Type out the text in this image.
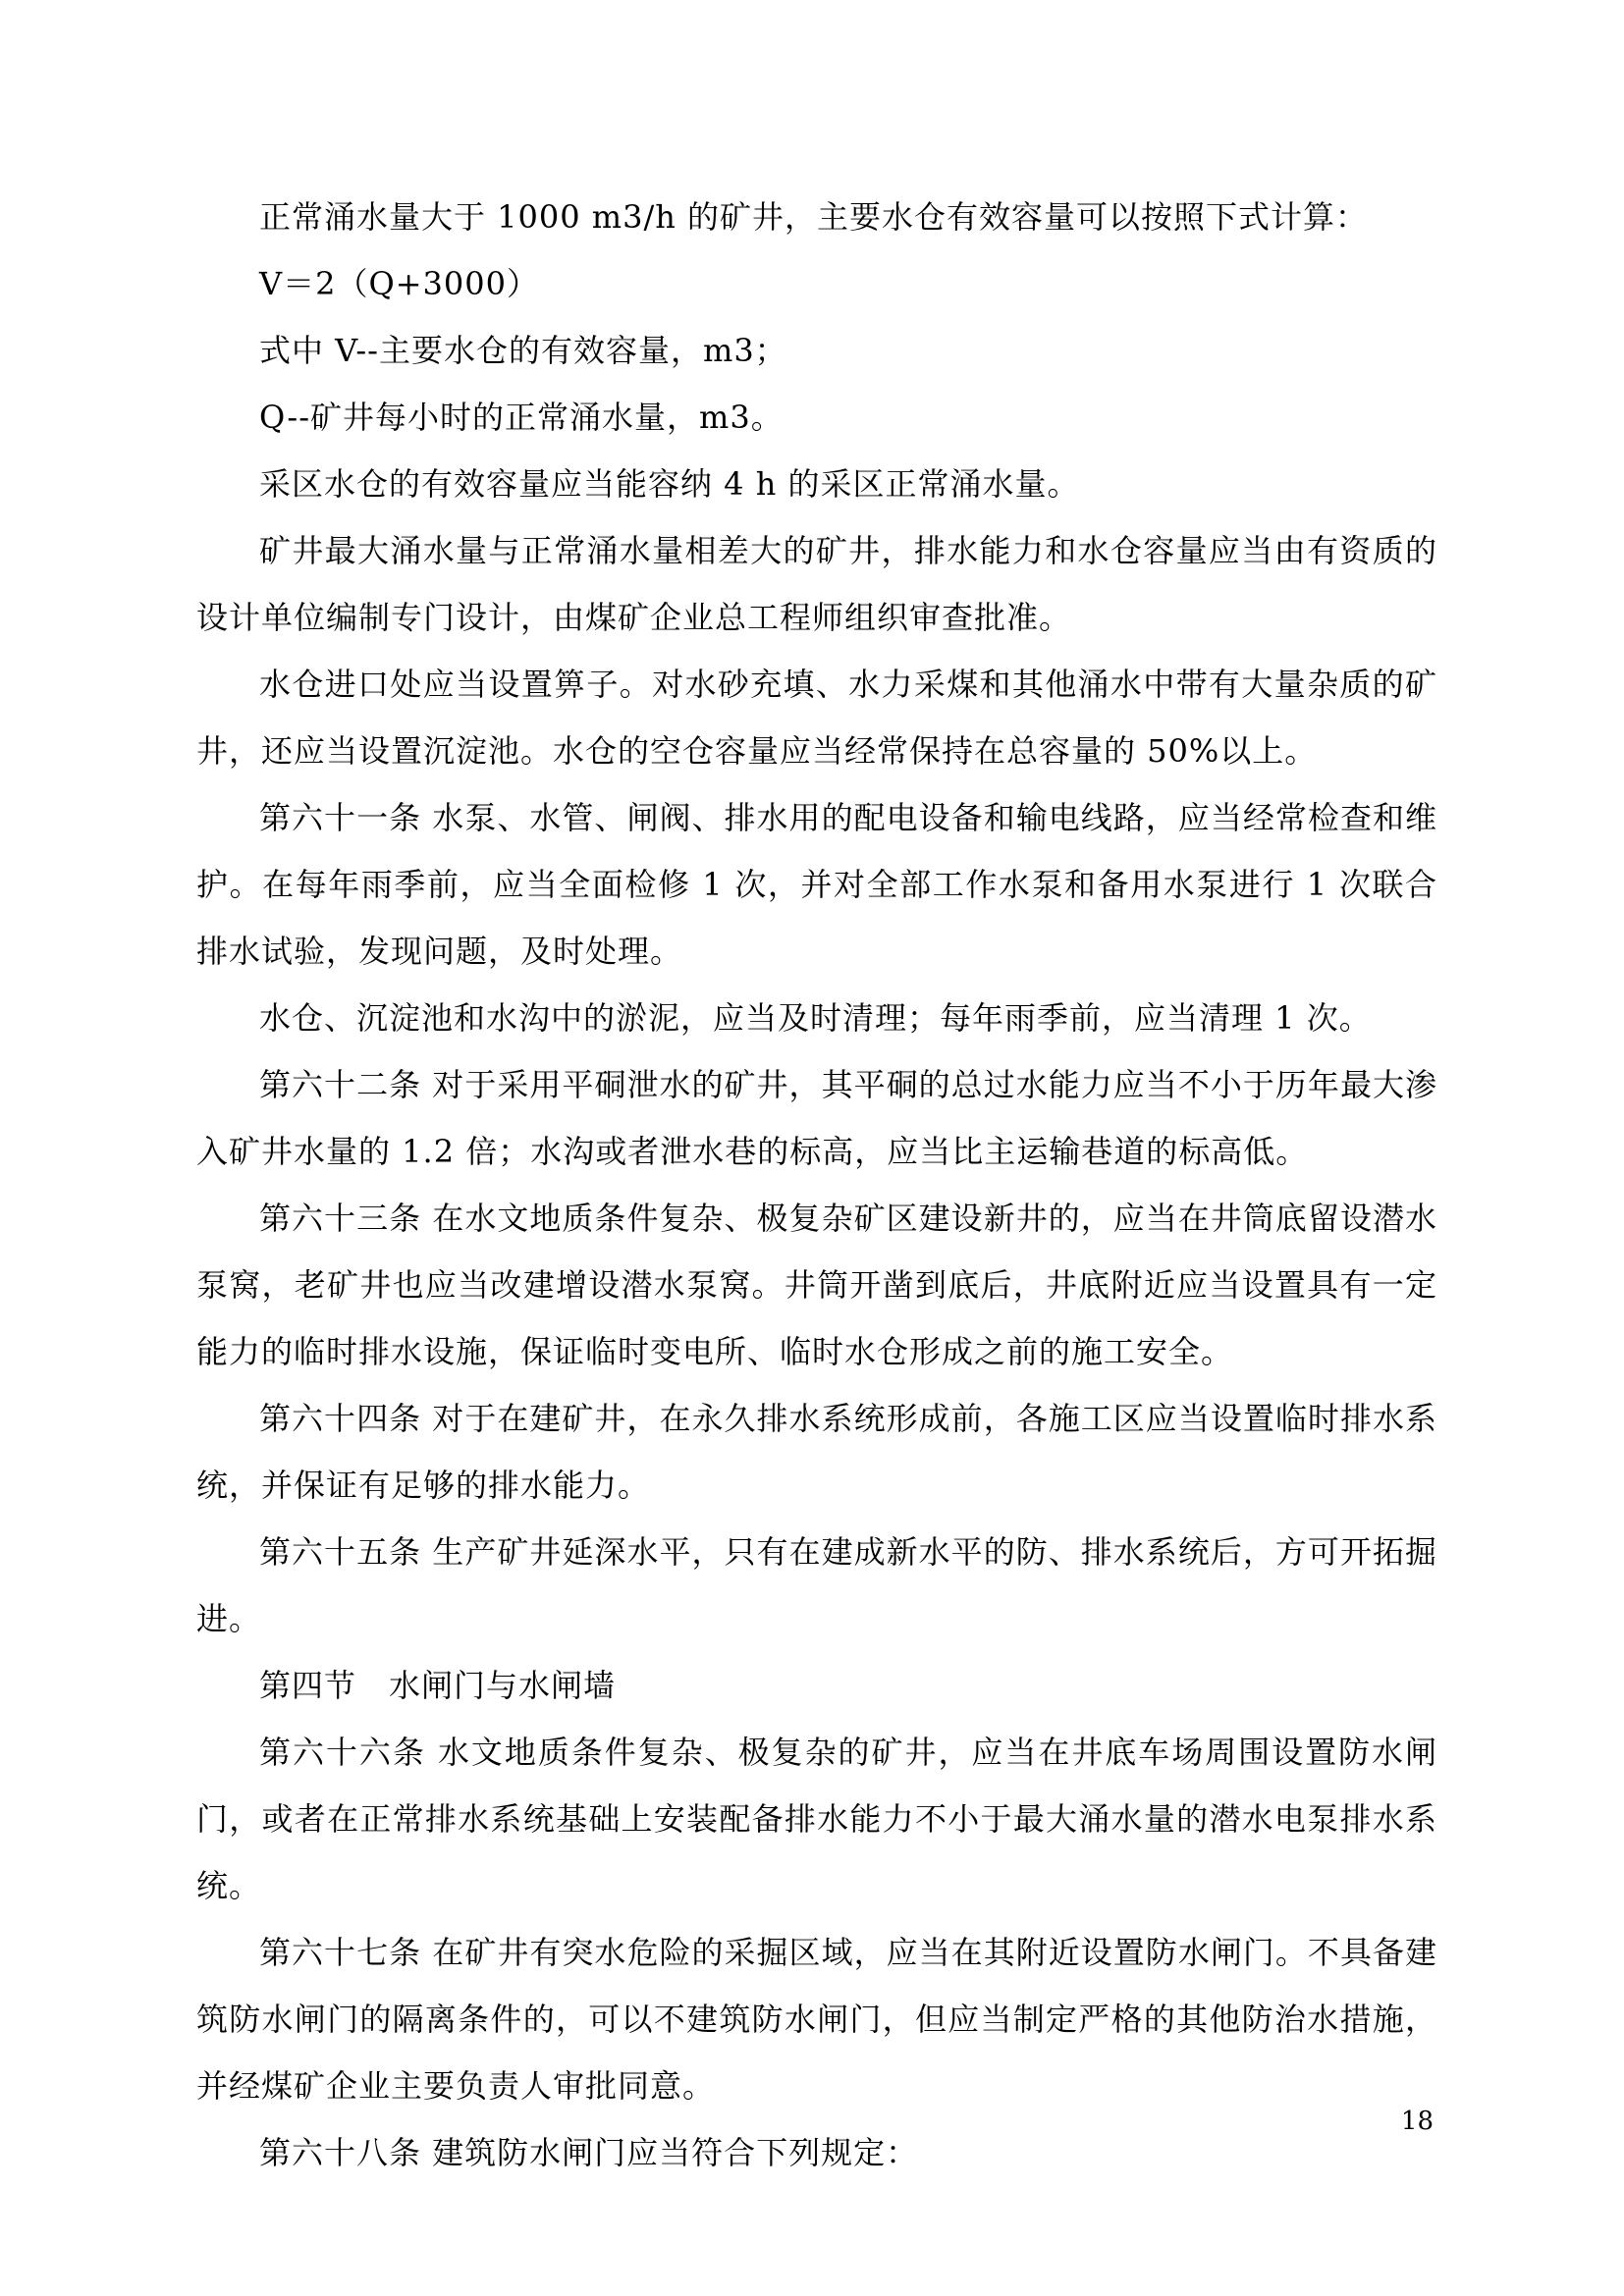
正常涌水量大于 1000 m3/h 的矿井，主要水仓有效容量可以按照下式计算：

V＝2（Q+3000）

式中 V--主要水仓的有效容量，m3；

Q--矿井每小时的正常涌水量，m3。

采区水仓的有效容量应当能容纳 4 h 的采区正常涌水量。

矿井最大涌水量与正常涌水量相差大的矿井，排水能力和水仓容量应当由有资质的设计单位编制专门设计，由煤矿企业总工程师组织审查批准。

水仓进口处应当设置箅子。对水砂充填、水力采煤和其他涌水中带有大量杂质的矿井，还应当设置沉淀池。水仓的空仓容量应当经常保持在总容量的 50%以上。

第六十一条 水泵、水管、闸阀、排水用的配电设备和输电线路，应当经常检查和维护。在每年雨季前，应当全面检修 1 次，并对全部工作水泵和备用水泵进行 1 次联合排水试验，发现问题，及时处理。

水仓、沉淀池和水沟中的淤泥，应当及时清理；每年雨季前，应当清理 1 次。

第六十二条 对于采用平硐泄水的矿井，其平硐的总过水能力应当不小于历年最大渗入矿井水量的 1.2 倍；水沟或者泄水巷的标高，应当比主运输巷道的标高低。

第六十三条 在水文地质条件复杂、极复杂矿区建设新井的，应当在井筒底留设潜水泵窝，老矿井也应当改建增设潜水泵窝。井筒开凿到底后，井底附近应当设置具有一定能力的临时排水设施，保证临时变电所、临时水仓形成之前的施工安全。

第六十四条 对于在建矿井，在永久排水系统形成前，各施工区应当设置临时排水系统，并保证有足够的排水能力。

第六十五条 生产矿井延深水平，只有在建成新水平的防、排水系统后，方可开拓掘进。

第四节　水闸门与水闸墙

第六十六条 水文地质条件复杂、极复杂的矿井，应当在井底车场周围设置防水闸门，或者在正常排水系统基础上安装配备排水能力不小于最大涌水量的潜水电泵排水系统。

第六十七条 在矿井有突水危险的采掘区域，应当在其附近设置防水闸门。不具备建筑防水闸门的隔离条件的，可以不建筑防水闸门，但应当制定严格的其他防治水措施，并经煤矿企业主要负责人审批同意。

第六十八条 建筑防水闸门应当符合下列规定：

18
